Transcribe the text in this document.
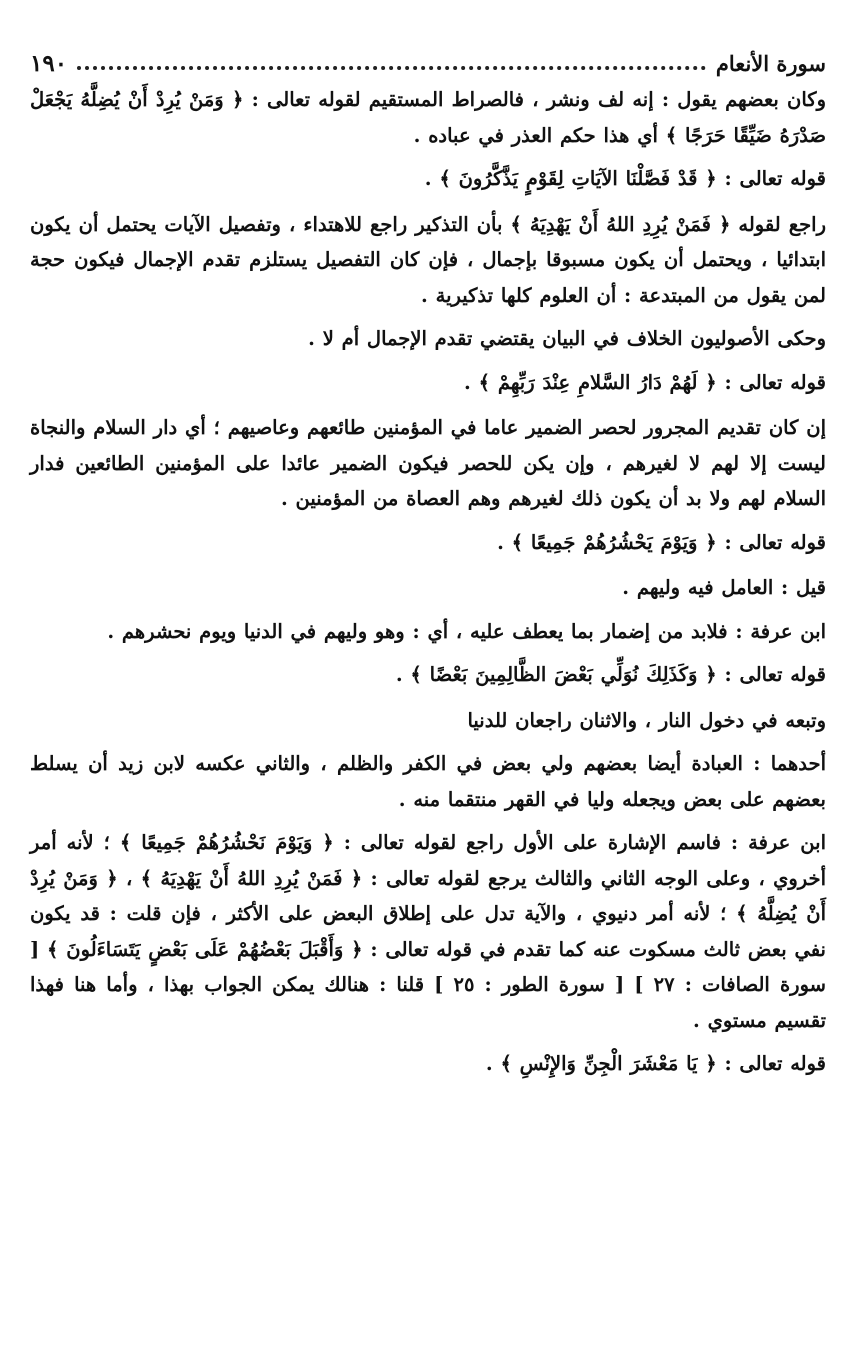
١٩٠	سورة الأنعام

وكان بعضهم يقول : إنه لف ونشر ، فالصراط المستقيم لقوله تعالى : ﴿ وَمَنْ يُرِدْ أَنْ يُضِلَّهُ يَجْعَلْ صَدْرَهُ ضَيِّقًا حَرَجًا ﴾ أي هذا حكم العذر في عباده .

قوله تعالى : ﴿ قَدْ فَصَّلْنَا الآيَاتِ لِقَوْمٍ يَذَّكَّرُونَ ﴾ .

راجع لقوله ﴿ فَمَنْ يُرِدِ اللهُ أَنْ يَهْدِيَهُ ﴾ بأن التذكير راجع للاهتداء ، وتفصيل الآيات يحتمل أن يكون ابتدائيا ، ويحتمل أن يكون مسبوقا بإجمال ، فإن كان التفصيل يستلزم تقدم الإجمال فيكون حجة لمن يقول من المبتدعة : أن العلوم كلها تذكيرية .

وحكى الأصوليون الخلاف في البيان يقتضي تقدم الإجمال أم لا .

قوله تعالى : ﴿ لَهُمْ دَارُ السَّلامِ عِنْدَ رَبِّهِمْ ﴾ .

إن كان تقديم المجرور لحصر الضمير عاما في المؤمنين طائعهم وعاصيهم ؛ أي دار السلام والنجاة ليست إلا لهم لا لغيرهم ، وإن يكن للحصر فيكون الضمير عائدا على المؤمنين الطائعين فدار السلام لهم ولا بد أن يكون ذلك لغيرهم وهم العصاة من المؤمنين .

قوله تعالى : ﴿ وَيَوْمَ يَحْشُرُهُمْ جَمِيعًا ﴾ .

قيل : العامل فيه وليهم .

ابن عرفة : فلابد من إضمار بما يعطف عليه ، أي : وهو وليهم في الدنيا ويوم نحشرهم .

قوله تعالى : ﴿ وَكَذَلِكَ نُوَلِّي بَعْضَ الظَّالِمِينَ بَعْضًا ﴾ .

وتبعه في دخول النار ، والاثنان راجعان للدنيا

أحدهما : العبادة أيضا بعضهم ولي بعض في الكفر والظلم ، والثاني عكسه لابن زيد أن يسلط بعضهم على بعض ويجعله وليا في القهر منتقما منه .

ابن عرفة : فاسم الإشارة على الأول راجع لقوله تعالى : ﴿ وَيَوْمَ نَحْشُرُهُمْ جَمِيعًا ﴾ ؛ لأنه أمر أخروي ، وعلى الوجه الثاني والثالث يرجع لقوله تعالى : ﴿ فَمَنْ يُرِدِ اللهُ أَنْ يَهْدِيَهُ ﴾ ، ﴿ وَمَنْ يُرِدْ أَنْ يُضِلَّهُ ﴾ ؛ لأنه أمر دنيوي ، والآية تدل على إطلاق البعض على الأكثر ، فإن قلت : قد يكون نفي بعض ثالث مسكوت عنه كما تقدم في قوله تعالى : ﴿ وَأَقْبَلَ بَعْضُهُمْ عَلَى بَعْضٍ يَتَسَاءَلُونَ ﴾ [ سورة الصافات : ٢٧ ] [ سورة الطور : ٢٥ ] قلنا : هنالك يمكن الجواب بهذا ، وأما هنا فهذا تقسيم مستوي .

قوله تعالى : ﴿ يَا مَعْشَرَ الْجِنِّ وَالإِنْسِ ﴾ .
